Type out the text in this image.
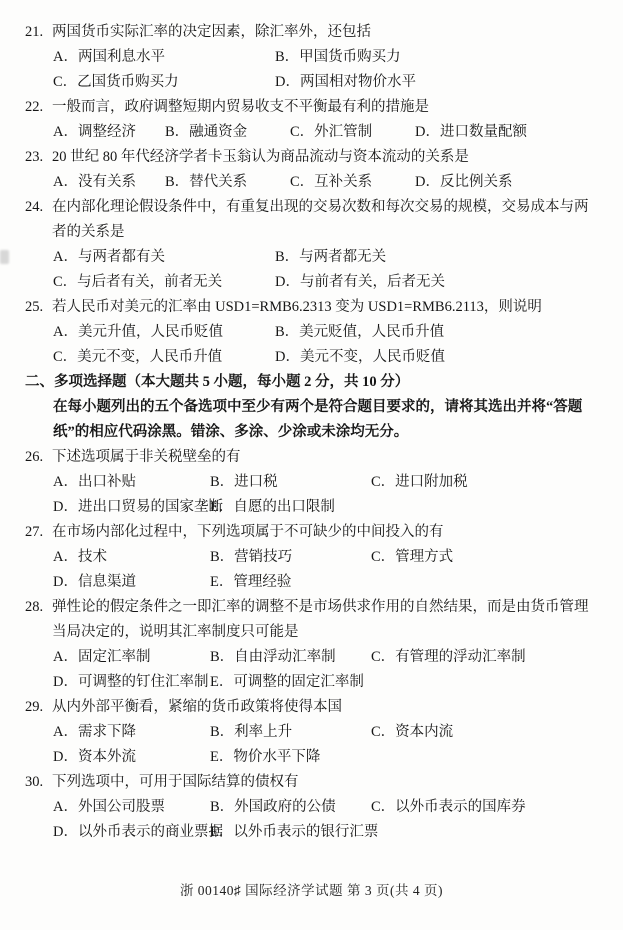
21. 两国货币实际汇率的决定因素，除汇率外，还包括
A．两国利息水平	B．甲国货币购买力
C．乙国货币购买力	D．两国相对物价水平
22. 一般而言，政府调整短期内贸易收支不平衡最有利的措施是
A．调整经济	B．融通资金	C．外汇管制	D．进口数量配额
23. 20 世纪 80 年代经济学者卡玉翁认为商品流动与资本流动的关系是
A．没有关系	B．替代关系	C．互补关系	D．反比例关系
24. 在内部化理论假设条件中，有重复出现的交易次数和每次交易的规模，交易成本与两者的关系是
A．与两者都有关	B．与两者都无关
C．与后者有关，前者无关	D．与前者有关，后者无关
25. 若人民币对美元的汇率由 USD1=RMB6.2313 变为 USD1=RMB6.2113，则说明
A．美元升值，人民币贬值	B．美元贬值，人民币升值
C．美元不变，人民币升值	D．美元不变，人民币贬值
二、多项选择题（本大题共 5 小题，每小题 2 分，共 10 分）

在每小题列出的五个备选项中至少有两个是符合题目要求的，请将其选出并将“答题纸”的相应代码涂黑。错涂、多涂、少涂或未涂均无分。

26. 下述选项属于非关税壁垒的有
A．出口补贴	B．进口税	C．进口附加税
D．进出口贸易的国家垄断
E．自愿的出口限制
27. 在市场内部化过程中，下列选项属于不可缺少的中间投入的有
A．技术	B．营销技巧	C．管理方式
D．信息渠道	E．管理经验
28. 弹性论的假定条件之一即汇率的调整不是市场供求作用的自然结果，而是由货币管理当局决定的，说明其汇率制度只可能是
A．固定汇率制	B．自由浮动汇率制	C．有管理的浮动汇率制
D．可调整的钉住汇率制 E．可调整的固定汇率制
29. 从内外部平衡看，紧缩的货币政策将使得本国
A．需求下降	B．利率上升	C．资本内流
D．资本外流	E．物价水平下降
30. 下列选项中，可用于国际结算的债权有
A．外国公司股票	B．外国政府的公债	C．以外币表示的国库券
D．以外币表示的商业票据
E．以外币表示的银行汇票
浙 00140♯ 国际经济学试题 第 3 页(共 4 页)
